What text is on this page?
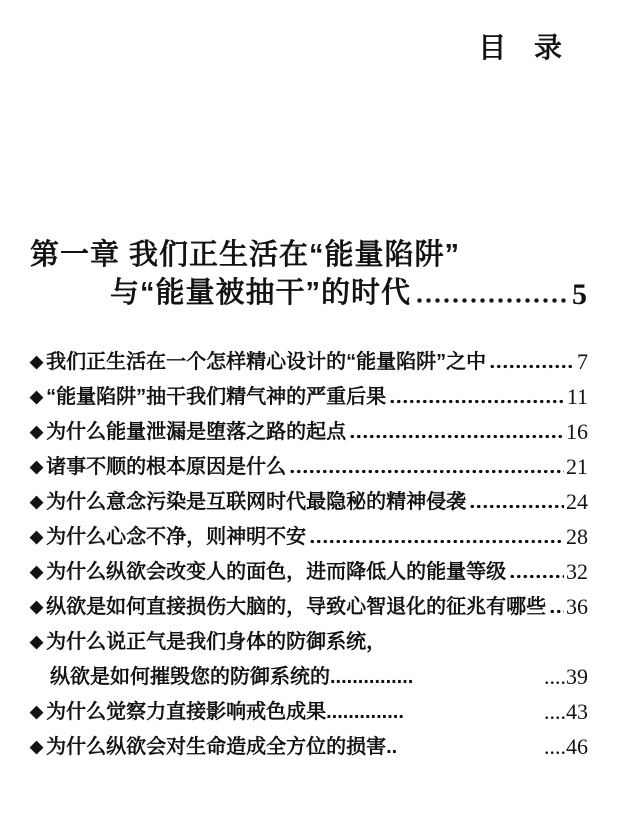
目 录
第一章 我们正生活在“能量陷阱”
与“能量被抽干”的时代	5
◆ 我们正生活在一个怎样精心设计的“能量陷阱”之中	7
◆ “能量陷阱”抽干我们精气神的严重后果	11
◆ 为什么能量泄漏是堕落之路的起点	16
◆ 诸事不顺的根本原因是什么	21
◆ 为什么意念污染是互联网时代最隐秘的精神侵袭	24
◆ 为什么心念不净，则神明不安	28
◆ 为什么纵欲会改变人的面色，进而降低人的能量等级	32
◆ 纵欲是如何直接损伤大脑的，导致心智退化的征兆有哪些 36
◆ 为什么说正气是我们身体的防御系统，
纵欲是如何摧毁您的防御系统的...............	....39
◆ 为什么觉察力直接影响戒色成果..............	....43
◆ 为什么纵欲会对生命造成全方位的损害..	....46
